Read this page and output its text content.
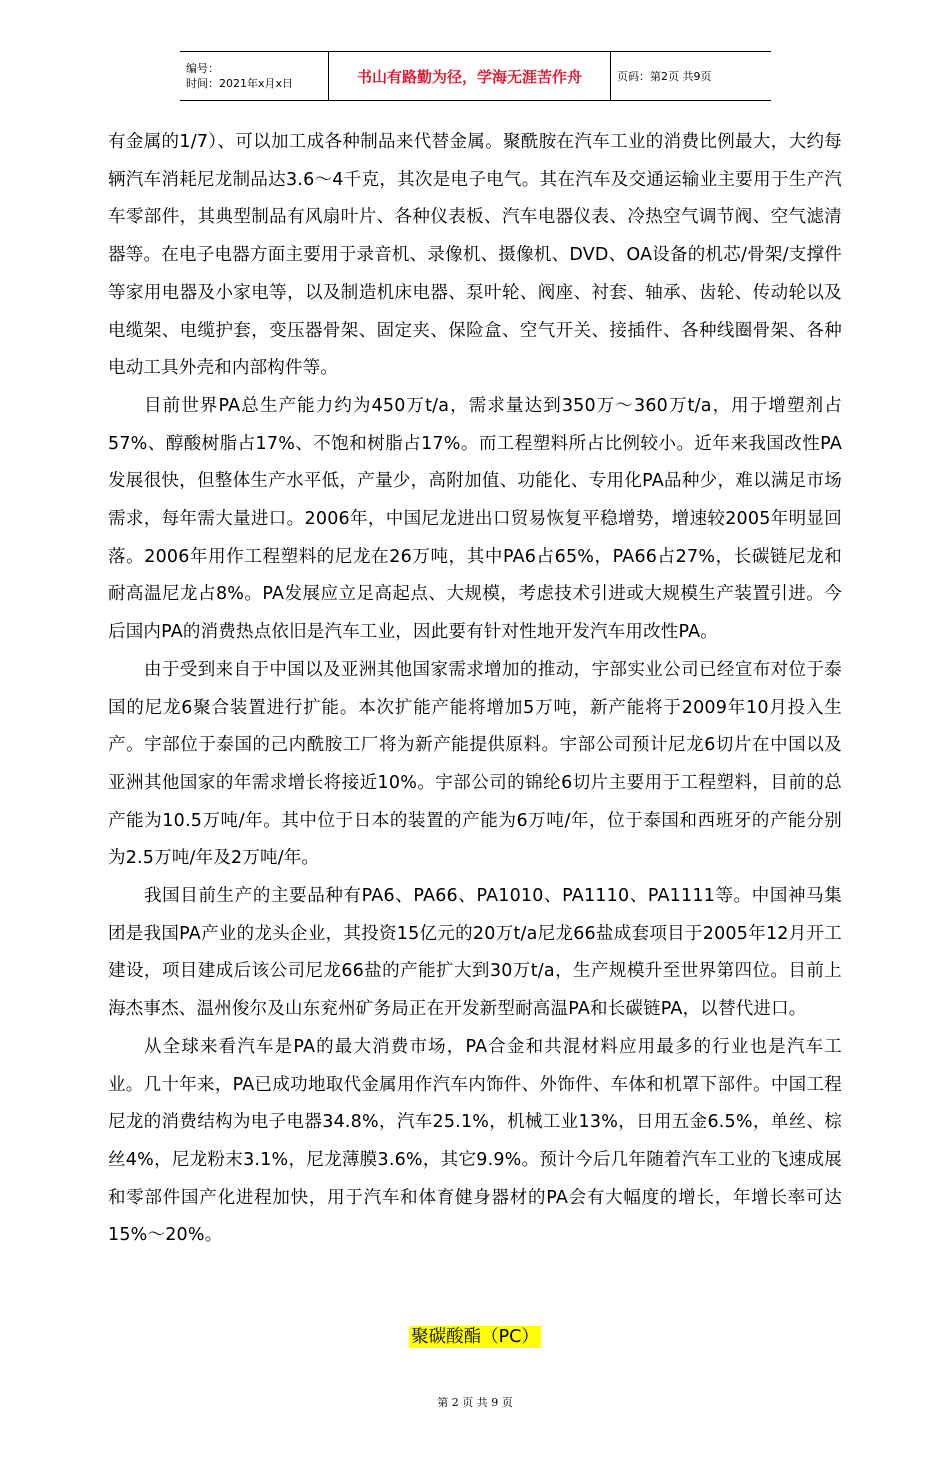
编号：
时间：2021年x月x日	书山有路勤为径，学海无涯苦作舟	页码：第2页 共9页

有金属的1/7）、可以加工成各种制品来代替金属。聚酰胺在汽车工业的消费比例最大，大约每辆汽车消耗尼龙制品达3.6～4千克，其次是电子电气。其在汽车及交通运输业主要用于生产汽车零部件，其典型制品有风扇叶片、各种仪表板、汽车电器仪表、冷热空气调节阀、空气滤清器等。在电子电器方面主要用于录音机、录像机、摄像机、DVD、OA设备的机芯/骨架/支撑件等家用电器及小家电等，以及制造机床电器、泵叶轮、阀座、衬套、轴承、齿轮、传动轮以及电缆架、电缆护套，变压器骨架、固定夹、保险盒、空气开关、接插件、各种线圈骨架、各种电动工具外壳和内部构件等。

目前世界PA总生产能力约为450万t/a，需求量达到350万～360万t/a，用于增塑剂占57%、醇酸树脂占17%、不饱和树脂占17%。而工程塑料所占比例较小。近年来我国改性PA发展很快，但整体生产水平低，产量少，高附加值、功能化、专用化PA品种少，难以满足市场需求，每年需大量进口。2006年，中国尼龙进出口贸易恢复平稳增势，增速较2005年明显回落。2006年用作工程塑料的尼龙在26万吨，其中PA6占65%，PA66占27%，长碳链尼龙和耐高温尼龙占8%。PA发展应立足高起点、大规模，考虑技术引进或大规模生产装置引进。今后国内PA的消费热点依旧是汽车工业，因此要有针对性地开发汽车用改性PA。

由于受到来自于中国以及亚洲其他国家需求增加的推动，宇部实业公司已经宣布对位于泰国的尼龙6聚合装置进行扩能。本次扩能产能将增加5万吨，新产能将于2009年10月投入生产。宇部位于泰国的己内酰胺工厂将为新产能提供原料。宇部公司预计尼龙6切片在中国以及亚洲其他国家的年需求增长将接近10%。宇部公司的锦纶6切片主要用于工程塑料，目前的总产能为10.5万吨/年。其中位于日本的装置的产能为6万吨/年，位于泰国和西班牙的产能分别为2.5万吨/年及2万吨/年。

我国目前生产的主要品种有PA6、PA66、PA1010、PA1110、PA1111等。中国神马集团是我国PA产业的龙头企业，其投资15亿元的20万t/a尼龙66盐成套项目于2005年12月开工建设，项目建成后该公司尼龙66盐的产能扩大到30万t/a，生产规模升至世界第四位。目前上海杰事杰、温州俊尔及山东兖州矿务局正在开发新型耐高温PA和长碳链PA，以替代进口。

从全球来看汽车是PA的最大消费市场，PA合金和共混材料应用最多的行业也是汽车工业。几十年来，PA已成功地取代金属用作汽车内饰件、外饰件、车体和机罩下部件。中国工程尼龙的消费结构为电子电器34.8%，汽车25.1%，机械工业13%，日用五金6.5%，单丝、棕丝4%，尼龙粉末3.1%，尼龙薄膜3.6%，其它9.9%。预计今后几年随着汽车工业的飞速成展和零部件国产化进程加快，用于汽车和体育健身器材的PA会有大幅度的增长，年增长率可达15%～20%。

聚碳酸酯（PC）
第 2 页 共 9 页
